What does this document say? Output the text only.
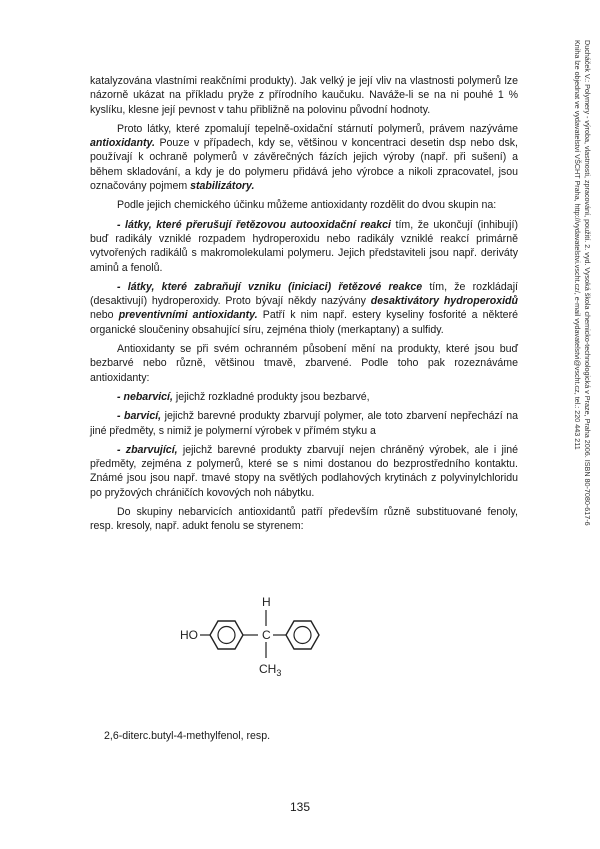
Ducháček V.: Polymery - výroba, vlastnosti, zpracování, použití. 2. vyd. Vysoká škola chemicko-technologická v Praze, Praha 2006. ISBN 80-7080-617-6
Kniha lze objednat ve vydavatelství VŠCHT Praha, http://vydavatelstvi.vscht.cz/, e-mail vydavatelstvi@vscht.cz, tel.: 220 443 211

katalyzována vlastními reakčními produkty). Jak velký je její vliv na vlastnosti polymerů lze názorně ukázat na příkladu pryže z přírodního kaučuku. Naváže-li se na ni pouhé 1 % kyslíku, klesne její pevnost v tahu přibližně na polovinu původní hodnoty.

Proto látky, které zpomalují tepelně-oxidační stárnutí polymerů, právem nazýváme antioxidanty. Pouze v případech, kdy se, většinou v koncentraci desetin dsp nebo dsk, používají k ochraně polymerů v závěrečných fázích jejich výroby (např. při sušení) a během skladování, a kdy je do polymeru přidává jeho výrobce a nikoli zpracovatel, jsou označovány pojmem stabilizátory.

Podle jejich chemického účinku můžeme antioxidanty rozdělit do dvou skupin na:

- látky, které přerušují řetězovou autooxidační reakci tím, že ukončují (inhibují) buď radikály vzniklé rozpadem hydroperoxidu nebo radikály vzniklé reakcí primárně vytvořených radikálů s makromolekulami polymeru. Jejich představiteli jsou např. deriváty aminů a fenolů.

- látky, které zabraňují vzniku (iniciaci) řetězové reakce tím, že rozkládají (desaktivují) hydroperoxidy. Proto bývají někdy nazývány desaktivátory hydroperoxidů nebo preventivními antioxidanty. Patří k nim např. estery kyseliny fosforité a některé organické sloučeniny obsahující síru, zejména thioly (merkaptany) a sulfidy.

Antioxidanty se při svém ochranném působení mění na produkty, které jsou buď bezbarvé nebo různě, většinou tmavě, zbarvené. Podle toho pak rozeznáváme antioxidanty:

- nebarvicí, jejichž rozkladné produkty jsou bezbarvé,

- barvicí, jejichž barevné produkty zbarvují polymer, ale toto zbarvení nepřechází na jiné předměty, s nimiž je polymerní výrobek v přímém styku a

- zbarvující, jejichž barevné produkty zbarvují nejen chráněný výrobek, ale i jiné předměty, zejména z polymerů, které se s nimi dostanou do bezprostředního kontaktu. Známé jsou jsou např. tmavé stopy na světlých podlahových krytinách z polyvinylchloridu po pryžových chráničích kovových noh nábytku.

Do skupiny nebarvicích antioxidantů patří především různě substituované fenoly, resp. kresoly, např. adukt fenolu se styrenem:

HO	C
H
$CH_3$
2,6-diterc.butyl-4-methylfenol, resp.
135
